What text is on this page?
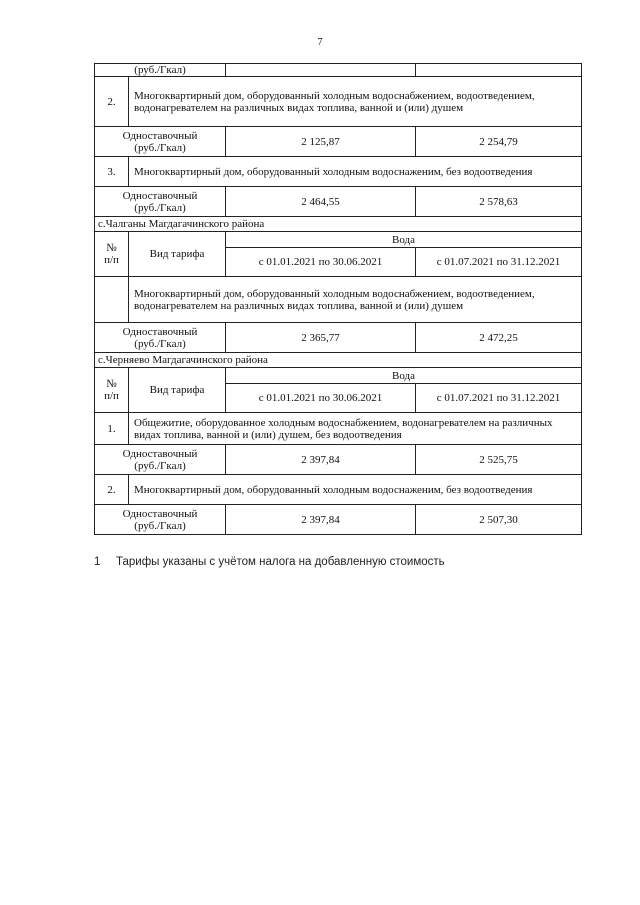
7
(руб./Гкал)			
2.	Многоквартирный дом, оборудованный холодным водоснабжением, водоотведением, водонагревателем на различных видах топлива, ванной и (или) душем		

Одноставочный
(руб./Гкал)		2 125,87	2 254,79
3.	Многоквартирный дом, оборудованный холодным водоснаженим, без водоотведения		

Одноставочный
(руб./Гкал)		2 464,55	2 578,63
с.Чалганы Магдагачинского района			

№
п/п	Вид тарифа	Вода	
		с 01.01.2021 по 30.06.2021	с 01.07.2021 по 31.12.2021
	Многоквартирный дом, оборудованный холодным водоснабжением, водоотведением, водонагревателем на различных видах топлива, ванной и (или) душем		

Одноставочный
(руб./Гкал)		2 365,77	2 472,25
с.Черняево Магдагачинского района			

№
п/п	Вид тарифа	Вода	
		с 01.01.2021 по 30.06.2021	с 01.07.2021 по 31.12.2021
1.	Общежитие, оборудованное холодным водоснабжением, водонагревателем на различных видах топлива, ванной и (или) душем, без водоотведения		

Одноставочный
(руб./Гкал)		2 397,84	2 525,75
2.	Многоквартирный дом, оборудованный холодным водоснаженим, без водоотведения		

Одноставочный
(руб./Гкал)		2 397,84	2 507,30
1 Тарифы указаны с учётом налога на добавленную стоимость
